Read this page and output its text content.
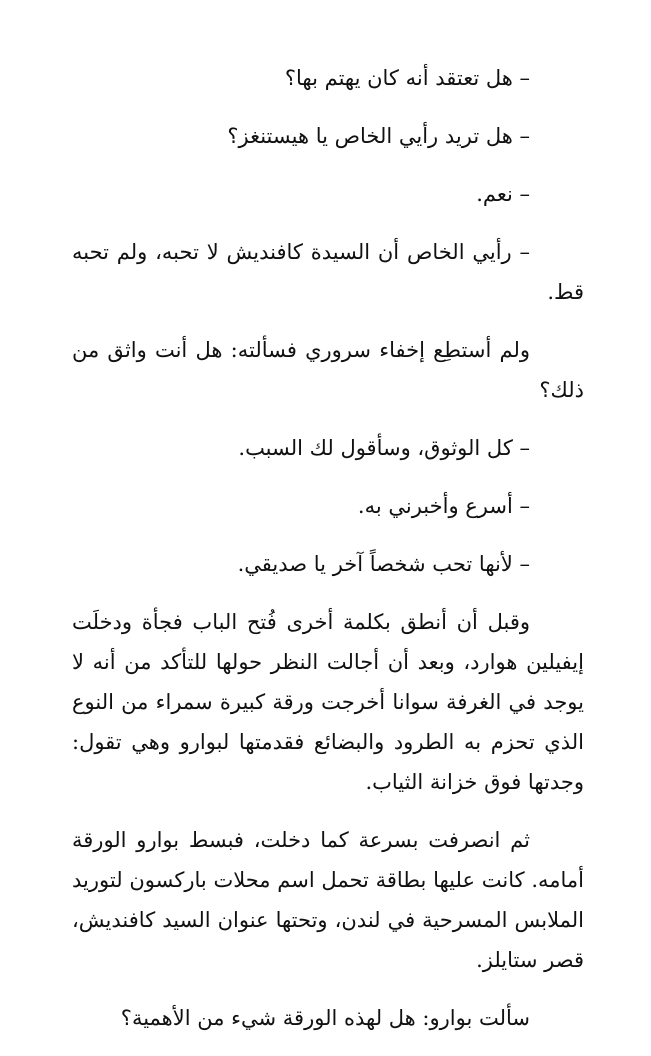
– هل تعتقد أنه كان يهتم بها؟

– هل تريد رأيي الخاص يا هيستنغز؟

– نعم.

– رأيي الخاص أن السيدة كافنديش لا تحبه، ولم تحبه قط.

ولم أستطِع إخفاء سروري فسألته: هل أنت واثق من ذلك؟

– كل الوثوق، وسأقول لك السبب.

– أسرع وأخبرني به.

– لأنها تحب شخصاً آخر يا صديقي.

وقبل أن أنطق بكلمة أخرى فُتح الباب فجأة ودخلَت إيفيلين هوارد، وبعد أن أجالت النظر حولها للتأكد من أنه لا يوجد في الغرفة سوانا أخرجت ورقة كبيرة سمراء من النوع الذي تحزم به الطرود والبضائع فقدمتها لبوارو وهي تقول: وجدتها فوق خزانة الثياب.

ثم انصرفت بسرعة كما دخلت، فبسط بوارو الورقة أمامه. كانت عليها بطاقة تحمل اسم محلات باركسون لتوريد الملابس المسرحية في لندن، وتحتها عنوان السيد كافنديش، قصر ستايلز.

سألت بوارو: هل لهذه الورقة شيء من الأهمية؟
